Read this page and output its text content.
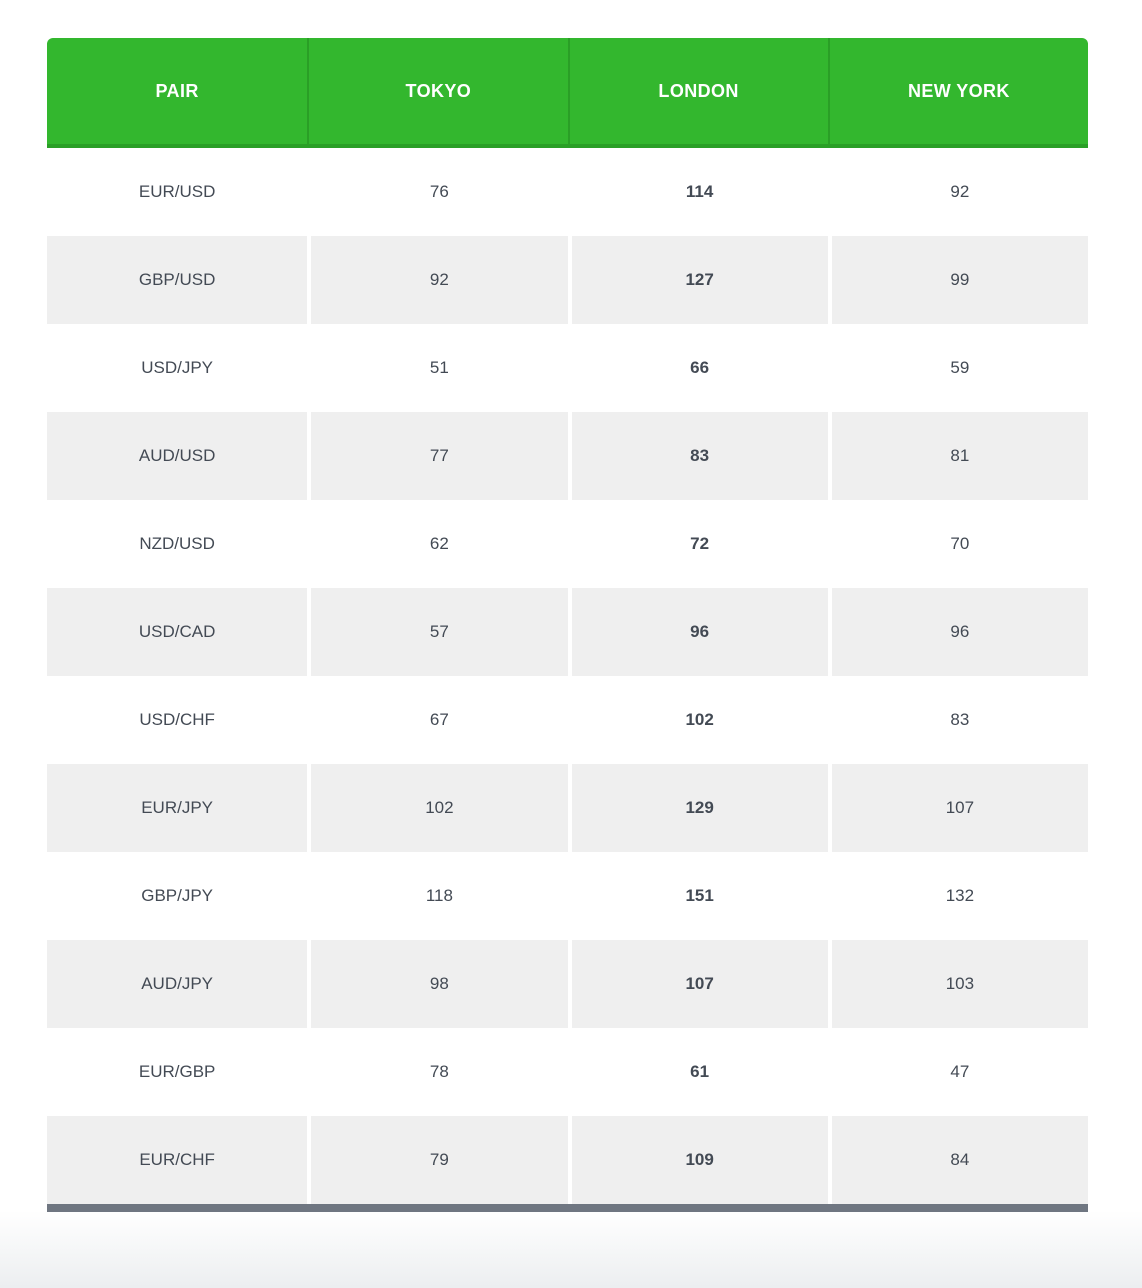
PAIR	TOKYO	LONDON	NEW YORK
EUR/USD	76	114	92
GBP/USD	92	127	99
USD/JPY	51	66	59
AUD/USD	77	83	81
NZD/USD	62	72	70
USD/CAD	57	96	96
USD/CHF	67	102	83
EUR/JPY	102	129	107
GBP/JPY	118	151	132
AUD/JPY	98	107	103
EUR/GBP	78	61	47
EUR/CHF	79	109	84
